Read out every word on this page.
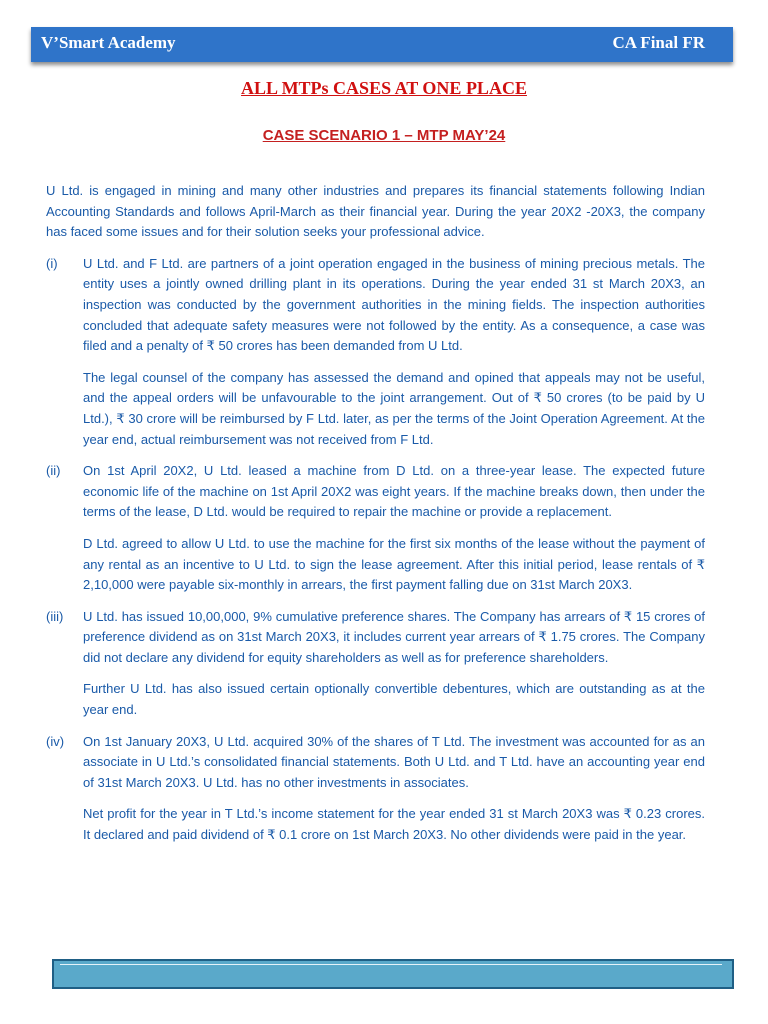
V’Smart Academy	CA Final FR
ALL MTPs CASES AT ONE PLACE
CASE SCENARIO 1 – MTP MAY’24

U Ltd. is engaged in mining and many other industries and prepares its financial statements following Indian Accounting Standards and follows April-March as their financial year. During the year 20X2 -20X3, the company has faced some issues and for their solution seeks your professional advice.

(i)	U Ltd. and F Ltd. are partners of a joint operation engaged in the business of mining precious metals. The entity uses a jointly owned drilling plant in its operations. During the year ended 31 st March 20X3, an inspection was conducted by the government authorities in the mining fields. The inspection authorities concluded that adequate safety measures were not followed by the entity. As a consequence, a case was filed and a penalty of ₹ 50 crores has been demanded from U Ltd.

The legal counsel of the company has assessed the demand and opined that appeals may not be useful, and the appeal orders will be unfavourable to the joint arrangement. Out of ₹ 50 crores (to be paid by U Ltd.), ₹ 30 crore will be reimbursed by F Ltd. later, as per the terms of the Joint Operation Agreement. At the year end, actual reimbursement was not received from F Ltd.

(ii)	On 1st April 20X2, U Ltd. leased a machine from D Ltd. on a three-year lease. The expected future economic life of the machine on 1st April 20X2 was eight years. If the machine breaks down, then under the terms of the lease, D Ltd. would be required to repair the machine or provide a replacement.

D Ltd. agreed to allow U Ltd. to use the machine for the first six months of the lease without the payment of any rental as an incentive to U Ltd. to sign the lease agreement. After this initial period, lease rentals of ₹ 2,10,000 were payable six-monthly in arrears, the first payment falling due on 31st March 20X3.

(iii)	U Ltd. has issued 10,00,000, 9% cumulative preference shares. The Company has arrears of ₹ 15 crores of preference dividend as on 31st March 20X3, it includes current year arrears of ₹ 1.75 crores. The Company did not declare any dividend for equity shareholders as well as for preference shareholders.

Further U Ltd. has also issued certain optionally convertible debentures, which are outstanding as at the year end.

(iv)	On 1st January 20X3, U Ltd. acquired 30% of the shares of T Ltd. The investment was accounted for as an associate in U Ltd.’s consolidated financial statements. Both U Ltd. and T Ltd. have an accounting year end of 31st March 20X3. U Ltd. has no other investments in associates.

Net profit for the year in T Ltd.’s income statement for the year ended 31 st March 20X3 was ₹ 0.23 crores. It declared and paid dividend of ₹ 0.1 crore on 1st March 20X3. No other dividends were paid in the year.
